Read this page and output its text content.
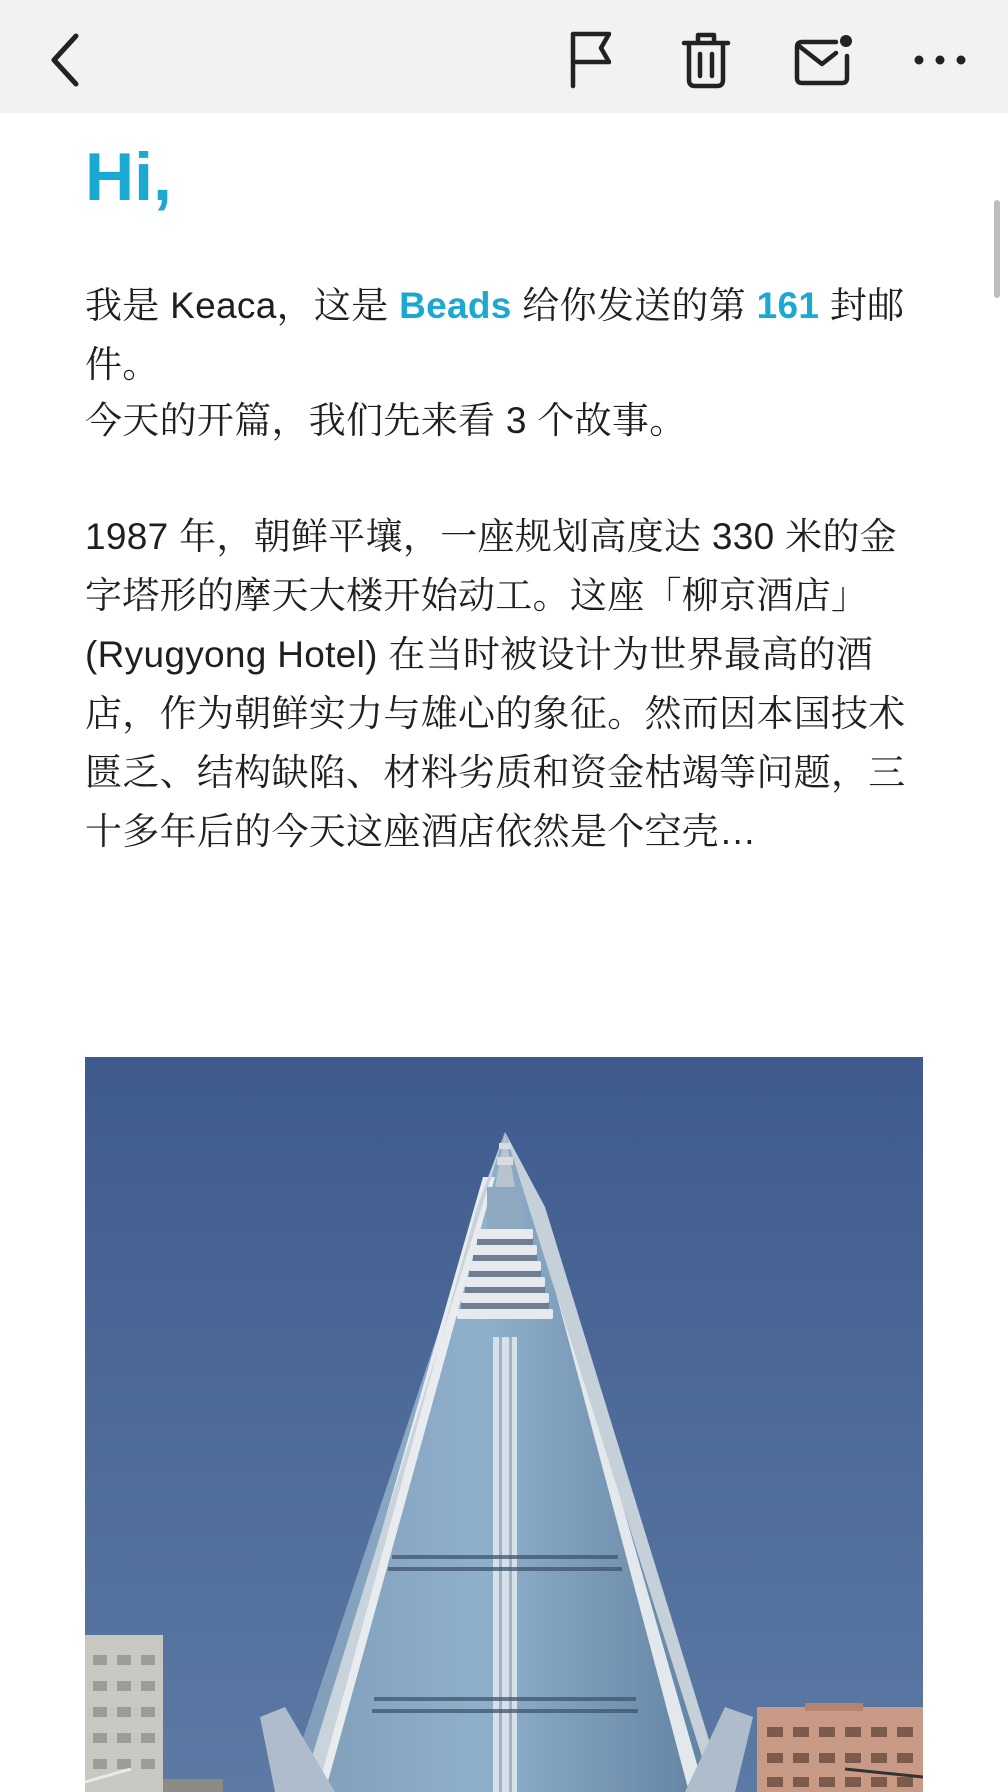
Hi,

我是 Keaca，这是 Beads 给你发送的第 161 封邮件。

今天的开篇，我们先来看 3 个故事。

1987 年，朝鲜平壤，一座规划高度达 330 米的金字塔形的摩天大楼开始动工。这座「柳京酒店」 (Ryugyong Hotel) 在当时被设计为世界最高的酒店，作为朝鲜实力与雄心的象征。然而因本国技术匮乏、结构缺陷、材料劣质和资金枯竭等问题，三十多年后的今天这座酒店依然是个空壳…
